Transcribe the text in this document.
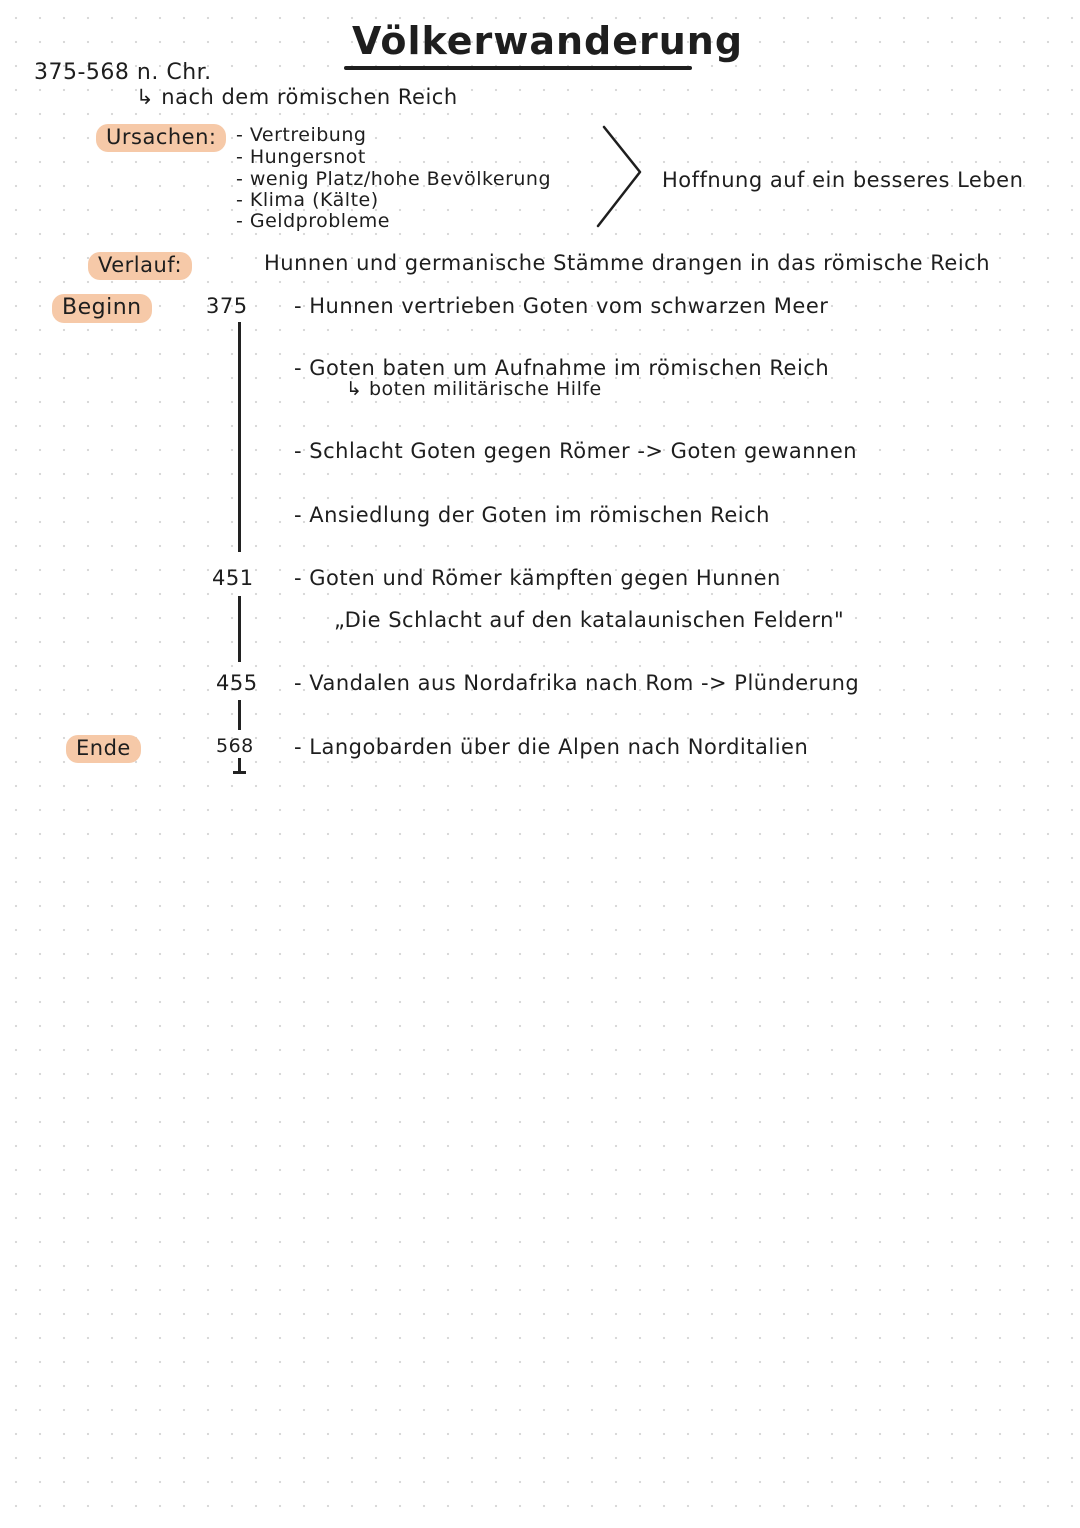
Völkerwanderung
375-568 n. Chr.
↳ nach dem römischen Reich
Ursachen:	- Vertreibung
- Hungersnot
- wenig Platz/hohe Bevölkerung
- Klima (Kälte)
- Geldprobleme
Hoffnung auf ein besseres Leben
Verlauf:	Hunnen und germanische Stämme drangen in das römische Reich
Beginn
Ende
375
451
455
568
- Hunnen vertrieben Goten vom schwarzen Meer
- Goten baten um Aufnahme im römischen Reich
↳ boten militärische Hilfe
- Schlacht Goten gegen Römer -> Goten gewannen
- Ansiedlung der Goten im römischen Reich
- Goten und Römer kämpften gegen Hunnen
„Die Schlacht auf den katalaunischen Feldern"
- Vandalen aus Nordafrika nach Rom -> Plünderung
- Langobarden über die Alpen nach Norditalien
